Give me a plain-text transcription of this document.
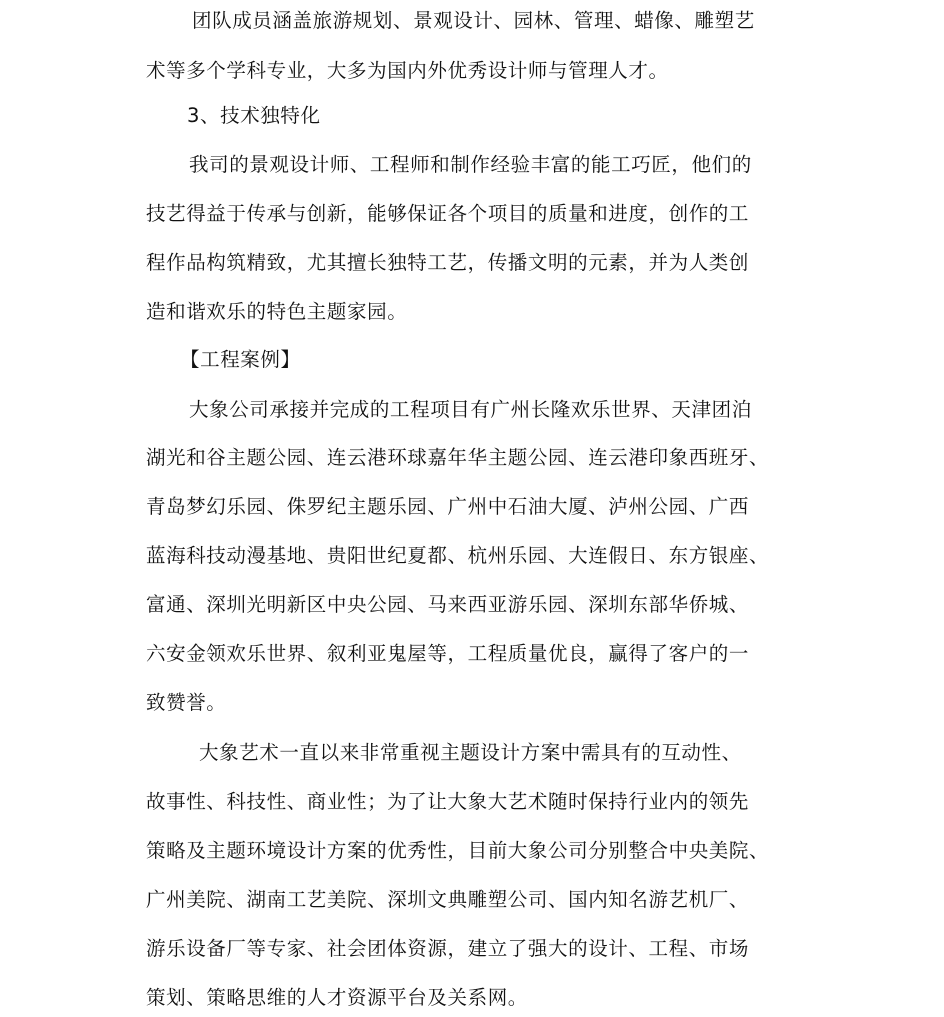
团队成员涵盖旅游规划、景观设计、园林、管理、蜡像、雕塑艺
术等多个学科专业，大多为国内外优秀设计师与管理人才。
3、技术独特化
我司的景观设计师、工程师和制作经验丰富的能工巧匠，他们的
技艺得益于传承与创新，能够保证各个项目的质量和进度，创作的工
程作品构筑精致，尤其擅长独特工艺，传播文明的元素，并为人类创
造和谐欢乐的特色主题家园。
【工程案例】
大象公司承接并完成的工程项目有广州长隆欢乐世界、天津团泊
湖光和谷主题公园、连云港环球嘉年华主题公园、连云港印象西班牙、
青岛梦幻乐园、侏罗纪主题乐园、广州中石油大厦、泸州公园、广西
蓝海科技动漫基地、贵阳世纪夏都、杭州乐园、大连假日、东方银座、
富通、深圳光明新区中央公园、马来西亚游乐园、深圳东部华侨城、
六安金领欢乐世界、叙利亚鬼屋等，工程质量优良，赢得了客户的一
致赞誉。
大象艺术一直以来非常重视主题设计方案中需具有的互动性、
故事性、科技性、商业性；为了让大象大艺术随时保持行业内的领先
策略及主题环境设计方案的优秀性，目前大象公司分别整合中央美院、
广州美院、湖南工艺美院、深圳文典雕塑公司、国内知名游艺机厂、
游乐设备厂等专家、社会团体资源，建立了强大的设计、工程、市场
策划、策略思维的人才资源平台及关系网。
